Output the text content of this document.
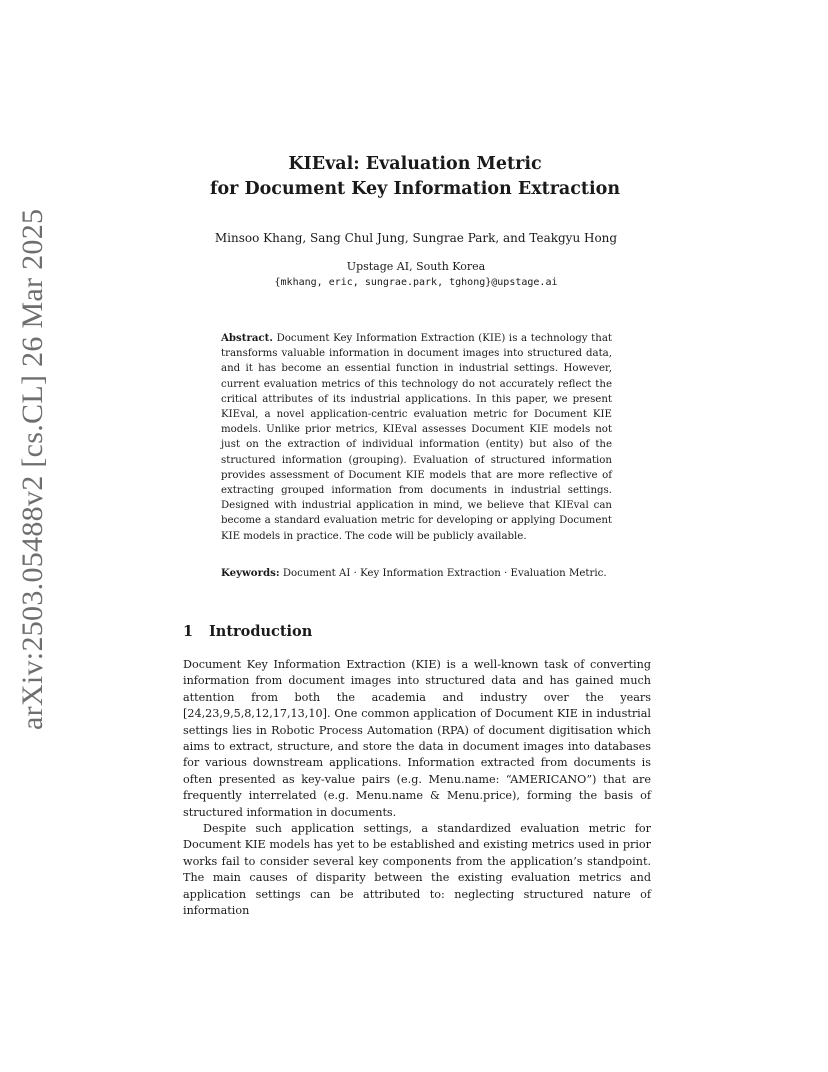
arXiv:2503.05488v2 [cs.CL] 26 Mar 2025
KIEval: Evaluation Metric
for Document Key Information Extraction
Minsoo Khang, Sang Chul Jung, Sungrae Park, and Teakgyu Hong
Upstage AI, South Korea
{mkhang, eric, sungrae.park, tghong}@upstage.ai
Abstract. Document Key Information Extraction (KIE) is a technology that transforms valuable information in document images into structured data, and it has become an essential function in industrial settings. However, current evaluation metrics of this technology do not accurately reflect the critical attributes of its industrial applications. In this paper, we present KIEval, a novel application-centric evaluation metric for Document KIE models. Unlike prior metrics, KIEval assesses Document KIE models not just on the extraction of individual information (entity) but also of the structured information (grouping). Evaluation of structured information provides assessment of Document KIE models that are more reflective of extracting grouped information from documents in industrial settings. Designed with industrial application in mind, we believe that KIEval can become a standard evaluation metric for developing or applying Document KIE models in practice. The code will be publicly available.
Keywords: Document AI · Key Information Extraction · Evaluation Metric.
1 Introduction

Document Key Information Extraction (KIE) is a well-known task of converting information from document images into structured data and has gained much attention from both the academia and industry over the years [24,23,9,5,8,12,17,13,10]. One common application of Document KIE in industrial settings lies in Robotic Process Automation (RPA) of document digitisation which aims to extract, structure, and store the data in document images into databases for various downstream applications. Information extracted from documents is often presented as key-value pairs (e.g. Menu.name: “AMERICANO”) that are frequently interrelated (e.g. Menu.name & Menu.price), forming the basis of structured information in documents.

Despite such application settings, a standardized evaluation metric for Document KIE models has yet to be established and existing metrics used in prior works fail to consider several key components from the application’s standpoint. The main causes of disparity between the existing evaluation metrics and application settings can be attributed to: neglecting structured nature of information
